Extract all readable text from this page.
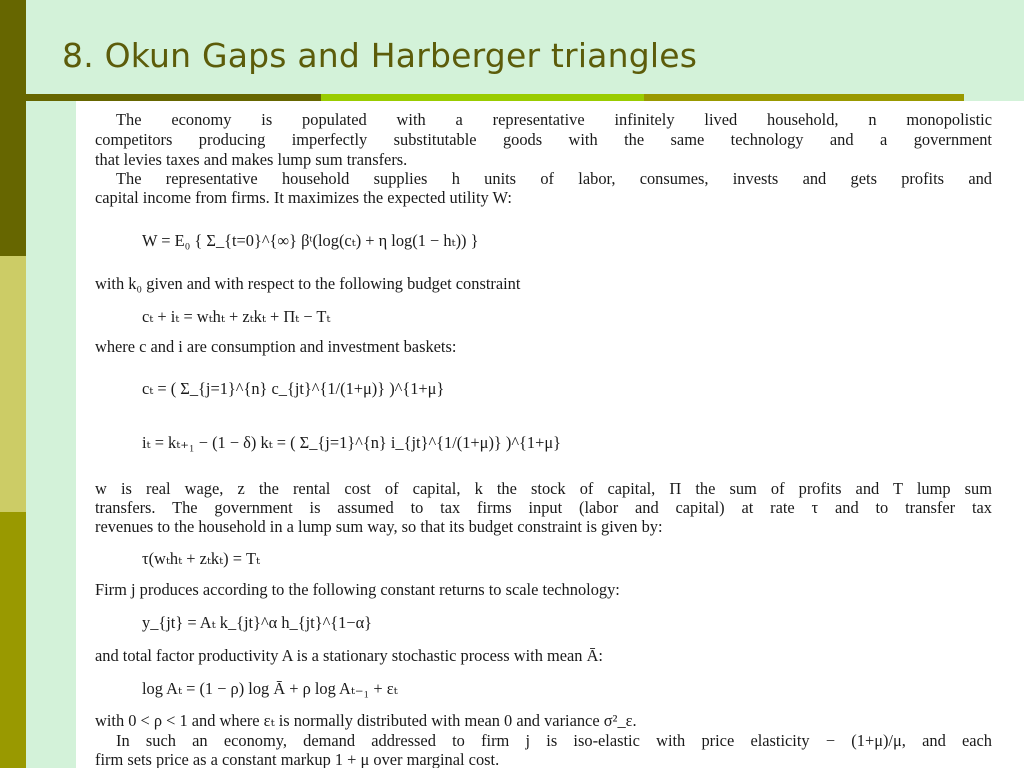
8. Okun Gaps and Harberger triangles
The economy is populated with a representative infinitely lived household, n monopolistic
competitors producing imperfectly substitutable goods with the same technology and a government
that levies taxes and makes lump sum transfers.
The representative household supplies h units of labor, consumes, invests and gets profits and
capital income from firms. It maximizes the expected utility W:
W = E₀ { Σ_{t=0}^{∞} βᵗ(log(cₜ) + η log(1 − hₜ)) }
with k₀ given and with respect to the following budget constraint
cₜ + iₜ = wₜhₜ + zₜkₜ + Πₜ − Tₜ
where c and i are consumption and investment baskets:
cₜ = ( Σ_{j=1}^{n} c_{jt}^{1/(1+μ)} )^{1+μ}
iₜ = kₜ₊₁ − (1 − δ) kₜ = ( Σ_{j=1}^{n} i_{jt}^{1/(1+μ)} )^{1+μ}
w is real wage, z the rental cost of capital, k the stock of capital, Π the sum of profits and T lump sum
transfers. The government is assumed to tax firms input (labor and capital) at rate τ and to transfer tax
revenues to the household in a lump sum way, so that its budget constraint is given by:
τ(wₜhₜ + zₜkₜ) = Tₜ
Firm j produces according to the following constant returns to scale technology:
y_{jt} = Aₜ k_{jt}^α h_{jt}^{1−α}
and total factor productivity A is a stationary stochastic process with mean Ā:
log Aₜ = (1 − ρ) log Ā + ρ log Aₜ₋₁ + εₜ
with 0 < ρ < 1 and where εₜ is normally distributed with mean 0 and variance σ²_ε.
In such an economy, demand addressed to firm j is iso-elastic with price elasticity − (1+μ)/μ, and each
firm sets price as a constant markup 1 + μ over marginal cost.
